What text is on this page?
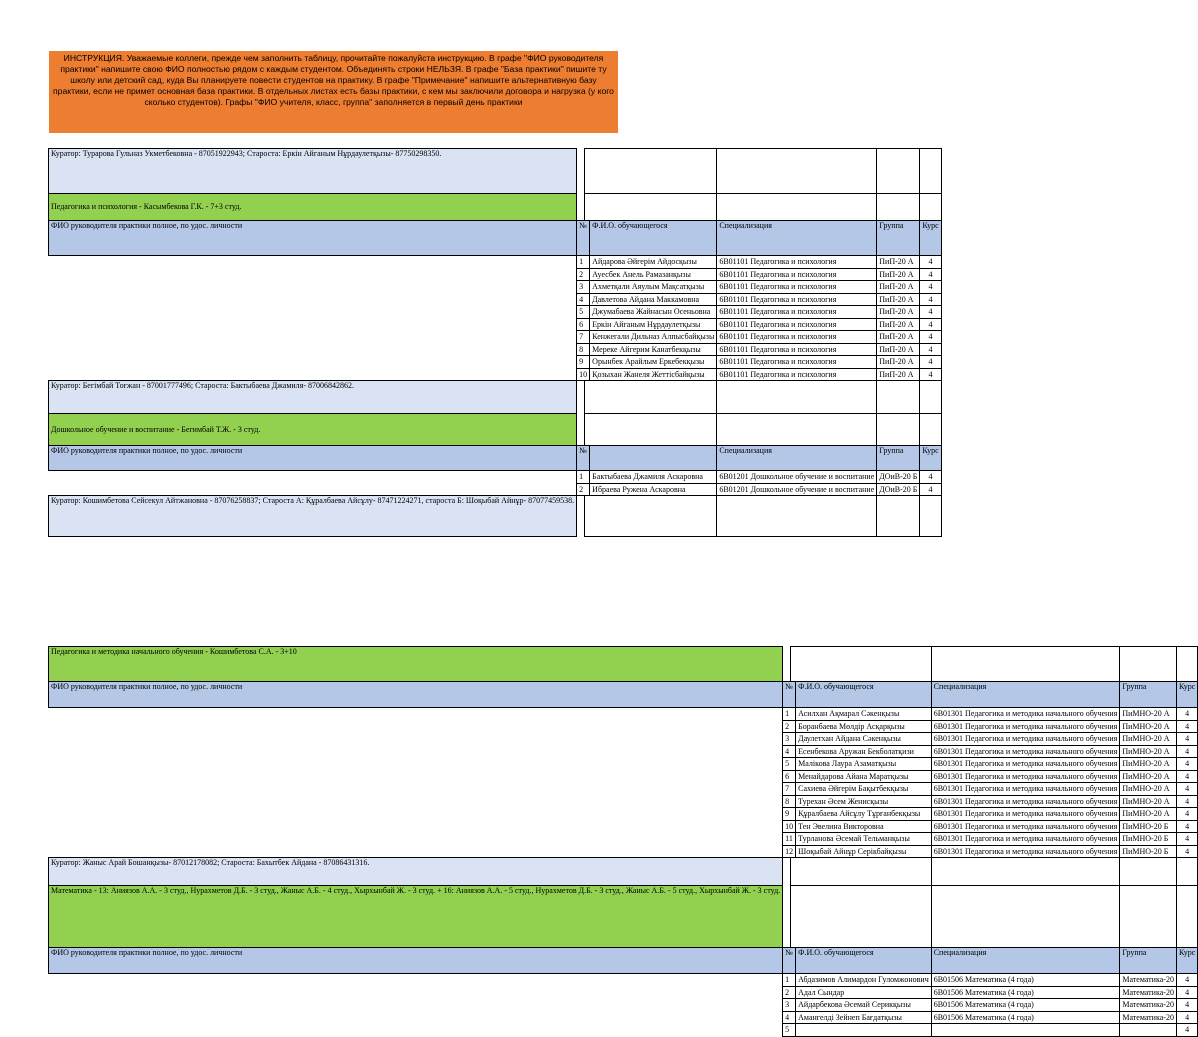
ИНСТРУКЦИЯ. Уважаемые коллеги, прежде чем заполнить таблицу, прочитайте пожалуйста инструкцию. В графе "ФИО руководителя практики" напишите свою ФИО полностью рядом с каждым студентом. Объединять строки НЕЛЬЗЯ. В графе "База практики" пишите ту школу или детский сад, куда Вы планируете повести студентов на практику. В графе "Примечание" напишите альтернативную базу практики, если не примет основная база практики. В отдельных листах есть базы практики, с кем мы заключили договора и нагрузка (у кого сколько студентов). Графы "ФИО учителя, класс, группа" заполняется в первый день практики
Куратор: Турарова Гульназ Укметбековна - 87051922943; Староста: Еркін Айганым Нұрдаулетқызы- 87750298350.						
Педагогика и психология - Касымбекова Г.К. - 7+3 студ.						
ФИО руководителя практики полное, по удос. личности	№		Ф.И.О. обучающегося	Специализация	Группа	Курс
	1		Айдарова Әйгерім Айдосқызы	6В01101 Педагогика и психология	ПиП-20 А	4
	2		Ауесбек Анель Рамазанқызы	6В01101 Педагогика и психология	ПиП-20 А	4
	3		Ахметқали Аяулым Мақсатқызы	6В01101 Педагогика и психология	ПиП-20 А	4
	4		Давлетова Айдана Маккамовна	6В01101 Педагогика и психология	ПиП-20 А	4
	5		Джумабаева Жайнасын Осеньовна	6В01101 Педагогика и психология	ПиП-20 А	4
	6		Еркін Айганым Нұрдаулетқызы	6В01101 Педагогика и психология	ПиП-20 А	4
	7		Кенжегали Дильназ Алпысбайқызы	6В01101 Педагогика и психология	ПиП-20 А	4
	8		Мереке Айгерим Канатбекқызы	6В01101 Педагогика и психология	ПиП-20 А	4
	9		Орынбек Арайлым Еркебекқызы	6В01101 Педагогика и психология	ПиП-20 А	4
	10		Қозыхан Жанеля Жеттісбайқызы	6В01101 Педагогика и психология	ПиП-20 А	4
Куратор: Бегімбай Тоғжан - 87001777496; Староста: Бактыбаева Джамиля- 87006842862.						
Дошкольное обучение и воспитание - Бегимбай Т.Ж. - 3 студ.						
ФИО руководителя практики полное, по удос. личности	№			Специализация	Группа	Курс
	1		Бактыбаева Джамиля Аскаровна	6В01201 Дошкольное обучение и воспитание	ДОиВ-20 Б	4
	2		Ибраева Ружена Аскаровна	6В01201 Дошкольное обучение и воспитание	ДОиВ-20 Б	4
Куратор: Кошимбетова Сейсекул Айтжановна - 87076258837; Староста А: Құралбаева Айсұлу- 87471224271, староста Б: Шоқыбай Айнұр- 87077459538.						
Педагогика и методика начального обучения - Кошимбетова С.А. - 3+10						
ФИО руководителя практики полное, по удос. личности	№		Ф.И.О. обучающегося	Специализация	Группа	Курс
	1		Асилхан Ақмарал Сәкенқызы	6В01301 Педагогика и методика начального обучения	ПиМНО-20 А	4
	2		Боранбаева Мөлдір Асқарқызы	6В01301 Педагогика и методика начального обучения	ПиМНО-20 А	4
	3		Даулетхан Айдана Сәкенқызы	6В01301 Педагогика и методика начального обучения	ПиМНО-20 А	4
	4		Есенбекова Аружан Бекболатқизи	6В01301 Педагогика и методика начального обучения	ПиМНО-20 А	4
	5		Малікова Лаура Азаматқызы	6В01301 Педагогика и методика начального обучения	ПиМНО-20 А	4
	6		Менайдарова Айана Маратқызы	6В01301 Педагогика и методика начального обучения	ПиМНО-20 А	4
	7		Сахиева Әйгерім Бақытбекқызы	6В01301 Педагогика и методика начального обучения	ПиМНО-20 А	4
	8		Турехан Әсем Женисқызы	6В01301 Педагогика и методика начального обучения	ПиМНО-20 А	4
	9		Құралбаева Айсұлу Тұрғанбекқызы	6В01301 Педагогика и методика начального обучения	ПиМНО-20 А	4
	10		Тен Эвелина Викторовна	6В01301 Педагогика и методика начального обучения	ПиМНО-20 Б	4
	11		Турланова Әсемай Тельманқызы	6В01301 Педагогика и методика начального обучения	ПиМНО-20 Б	4
	12		Шоқыбай Айнұр Серікбайқызы	6В01301 Педагогика и методика начального обучения	ПиМНО-20 Б	4
Куратор: Жаныс Арай Бошанқызы- 87012178082; Староста: Бахытбек Айдана - 87086431316.						
Математика - 13: Аниязов А.А. - 3 студ., Нурахметов Д.Б. - 3 студ., Жаныс А.Б. - 4 студ., Хырхынбай Ж. - 3 студ. + 16: Аниязов А.А. - 5 студ., Нурахметов Д.Б. - 3 студ., Жаныс А.Б. - 5 студ., Хырхынбай Ж. - 3 студ.						
ФИО руководителя практики полное, по удос. личности	№		Ф.И.О. обучающегося	Специализация	Группа	Курс
	1		Абдазимов Алимардон Гуломжонович	6В01506 Математика (4 года)	Математика-20	4
	2		Адал Сындар	6В01506 Математика (4 года)	Математика-20	4
	3		Айдарбекова Әсемай Серикқызы	6В01506 Математика (4 года)	Математика-20	4
	4		Амангелді Зейнеп Бағдатқызы	6В01506 Математика (4 года)	Математика-20	4
	5					4
